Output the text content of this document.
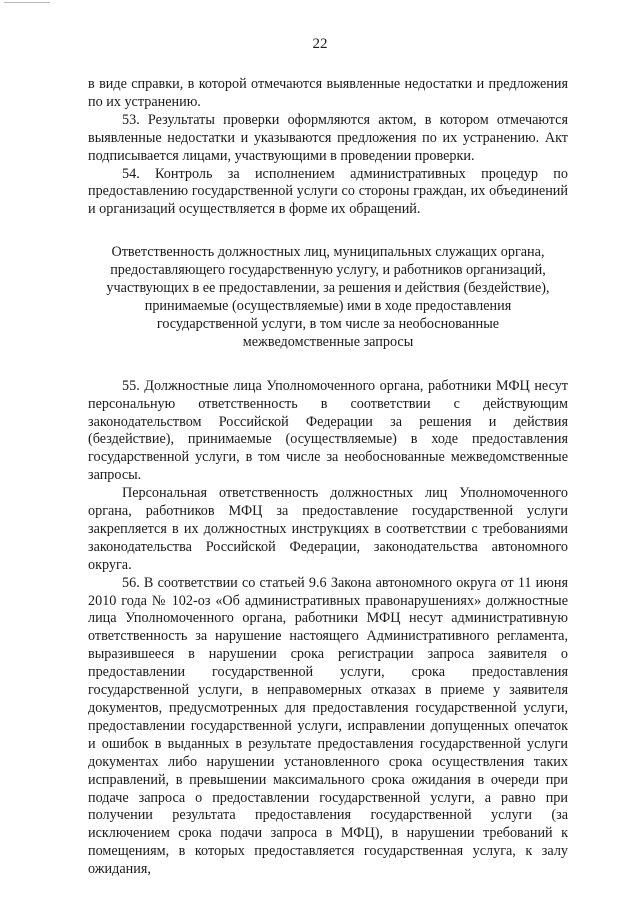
22

в виде справки, в которой отмечаются выявленные недостатки и предложения по их устранению.

53. Результаты проверки оформляются актом, в котором отмечаются выявленные недостатки и указываются предложения по их устранению. Акт подписывается лицами, участвующими в проведении проверки.

54. Контроль за исполнением административных процедур по предоставлению государственной услуги со стороны граждан, их объединений и организаций осуществляется в форме их обращений.

Ответственность должностных лиц, муниципальных служащих органа,
предоставляющего государственную услугу, и работников организаций,
участвующих в ее предоставлении, за решения и действия (бездействие),
принимаемые (осуществляемые) ими в ходе предоставления
государственной услуги, в том числе за необоснованные
межведомственные запросы

55. Должностные лица Уполномоченного органа, работники МФЦ несут персональную ответственность в соответствии с действующим законодательством Российской Федерации за решения и действия (бездействие), принимаемые (осуществляемые) в ходе предоставления государственной услуги, в том числе за необоснованные межведомственные запросы.

Персональная ответственность должностных лиц Уполномоченного органа, работников МФЦ за предоставление государственной услуги закрепляется в их должностных инструкциях в соответствии с требованиями законодательства Российской Федерации, законодательства автономного округа.

56. В соответствии со статьей 9.6 Закона автономного округа от 11 июня 2010 года № 102-оз «Об административных правонарушениях» должностные лица Уполномоченного органа, работники МФЦ несут административную ответственность за нарушение настоящего Административного регламента, выразившееся в нарушении срока регистрации запроса заявителя о предоставлении государственной услуги, срока предоставления государственной услуги, в неправомерных отказах в приеме у заявителя документов, предусмотренных для предоставления государственной услуги, предоставлении государственной услуги, исправлении допущенных опечаток и ошибок в выданных в результате предоставления государственной услуги документах либо нарушении установленного срока осуществления таких исправлений, в превышении максимального срока ожидания в очереди при подаче запроса о предоставлении государственной услуги, а равно при получении результата предоставления государственной услуги (за исключением срока подачи запроса в МФЦ), в нарушении требований к помещениям, в которых предоставляется государственная услуга, к залу ожидания,
